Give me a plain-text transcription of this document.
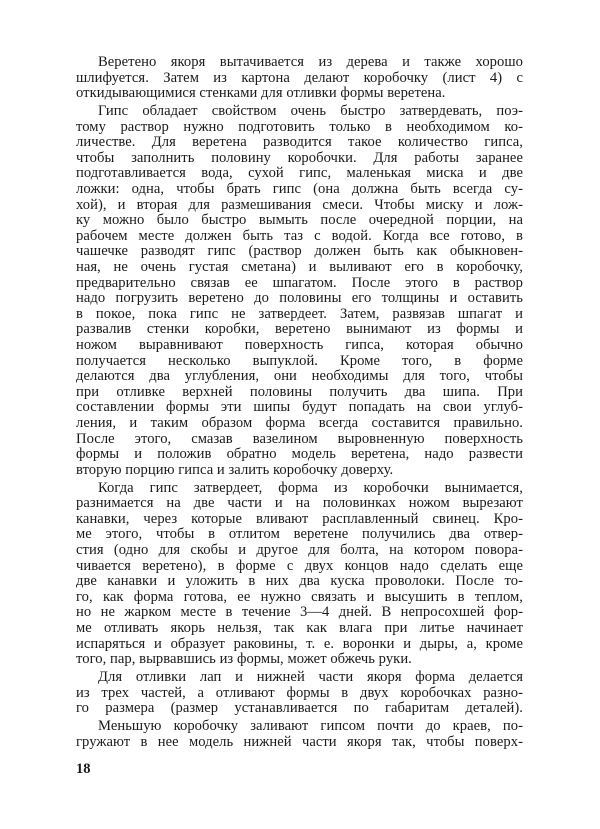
Веретено якоря вытачивается из дерева и также хорошо
шлифуется. Затем из картона делают коробочку (лист 4) с
откидывающимися стенками для отливки формы веретена.

Гипс обладает свойством очень быстро затвердевать, поэ-
тому раствор нужно подготовить только в необходимом ко-
личестве. Для веретена разводится такое количество гипса,
чтобы заполнить половину коробочки. Для работы заранее
подготавливается вода, сухой гипс, маленькая миска и две
ложки: одна, чтобы брать гипс (она должна быть всегда су-
хой), и вторая для размешивания смеси. Чтобы миску и лож-
ку можно было быстро вымыть после очередной порции, на
рабочем месте должен быть таз с водой. Когда все готово, в
чашечке разводят гипс (раствор должен быть как обыкновен-
ная, не очень густая сметана) и выливают его в коробочку,
предварительно связав ее шпагатом. После этого в раствор
надо погрузить веретено до половины его толщины и оставить
в покое, пока гипс не затвердеет. Затем, развязав шпагат и
развалив стенки коробки, веретено вынимают из формы и
ножом выравнивают поверхность гипса, которая обычно
получается несколько выпуклой. Кроме того, в форме
делаются два углубления, они необходимы для того, чтобы
при отливке верхней половины получить два шипа. При
составлении формы эти шипы будут попадать на свои углуб-
ления, и таким образом форма всегда составится правильно.
После этого, смазав вазелином выровненную поверхность
формы и положив обратно модель веретена, надо развести
вторую порцию гипса и залить коробочку доверху.

Когда гипс затвердеет, форма из коробочки вынимается,
разнимается на две части и на половинках ножом вырезают
канавки, через которые вливают расплавленный свинец. Кро-
ме этого, чтобы в отлитом веретене получились два отвер-
стия (одно для скобы и другое для болта, на котором повора-
чивается веретено), в форме с двух концов надо сделать еще
две канавки и уложить в них два куска проволоки. После то-
го, как форма готова, ее нужно связать и высушить в теплом,
но не жарком месте в течение 3—4 дней. В непросохшей фор-
ме отливать якорь нельзя, так как влага при литье начинает
испаряться и образует раковины, т. е. воронки и дыры, а, кроме
того, пар, вырвавшись из формы, может обжечь руки.

Для отливки лап и нижней части якоря форма делается
из трех частей, а отливают формы в двух коробочках разно-
го размера (размер устанавливается по габаритам деталей).

Меньшую коробочку заливают гипсом почти до краев, по-
гружают в нее модель нижней части якоря так, чтобы поверх-

18
